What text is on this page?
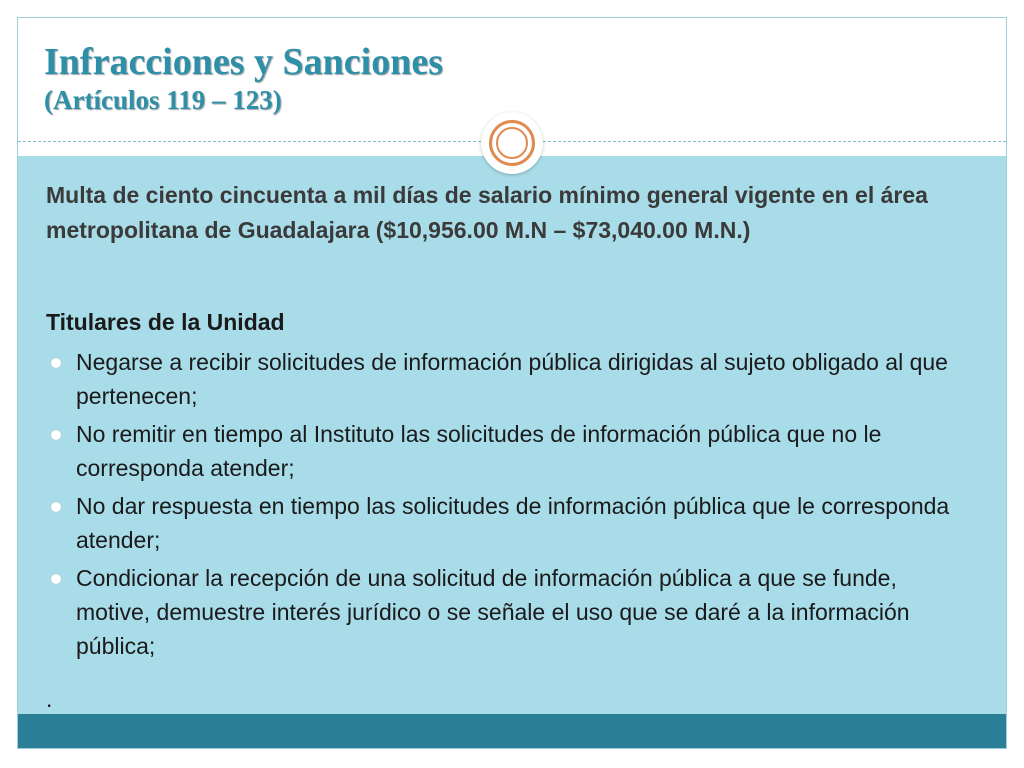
Infracciones y Sanciones
(Artículos 119 – 123)

Multa de ciento cincuenta a mil días de salario mínimo general vigente en el área metropolitana de Guadalajara ($10,956.00 M.N – $73,040.00 M.N.)

Titulares de la Unidad

Negarse a recibir solicitudes de información pública dirigidas al sujeto obligado al que pertenecen;
No remitir en tiempo al Instituto las solicitudes de información pública que no le corresponda atender;
No dar respuesta en tiempo las solicitudes de información pública que le corresponda atender;
Condicionar la recepción de una solicitud de información pública a que se funde, motive, demuestre interés jurídico o se señale el uso que se daré a la información pública;

.
